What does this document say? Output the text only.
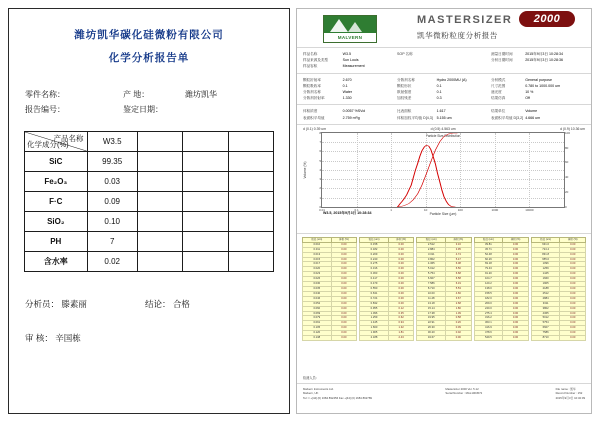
潍坊凯华碳化硅微粉有限公司
化学分析报告单
零件名称：	产 地：	潍坊凯华
报告编号：	鉴定日期：
产品名称
化学成分(%)	W3.5			
SiC	99.35			
Fe₂O₃	0.03			
F·C	0.09			
SiO₂	0.10			
PH	7			
含水率	0.02			
分析员： 滕素丽	结论： 合格
审 核： 辛国栋
MALVERN
MASTERSIZER	2000
凯华微粉粒度分析报告
样品名称	W3.5
样品来源及类型	Sun Louis
样品容积	Measurement
SOP 名称	测量日期时间	2015年9月3日 10:28:34
分析日期时间	2015年9月3日 10:28:36
颗粒折射率	2.670
颗粒吸收率	0.1
分散剂名称	Water
分散剂折射率	1.330
分散剂名称	Hydro 2000MU (A)
颗粒形状	0.1
散射强度	0.1
加权残差	0.3
分析模式	General purpose
尺寸范围	0.780 to 1000.000 um
遮光度	10 %
结果仿真	Off
体积浓度	0.0057 %SVol
表面积平均值	2.759 m²/g
比表面积	1.617
体积加权平均值 D[4,3]	5.155 um
结果单位	Volume
表面积平均值 D[3,2] 4.666 um
d (0.1) 0.39 um	d (0.5) 4.563 um	d (0.9) 10.36 um
Particle Size Distribution
0
1
2
3
4
5
6
7
8
0
20
40
60
80
100
0.01	0.1	1	10	100	1000	10000
Volume (%)
Particle Size (μm)
W3.5, 2015年9月3日 10:28:34
粒径 (um)	体积 (%)
0.010	0.00
0.011	0.00
0.013	0.00
0.015	0.00
0.017	0.00
0.020	0.00
0.023	0.00
0.026	0.00
0.030	0.00
0.035	0.00
0.040	0.00
0.046	0.00
0.052	0.00
0.060	0.00
0.069	0.00
0.079	0.00
0.091	0.00
0.105	0.00
0.120	0.00
0.138	0.00
粒径 (um)	体积 (%)
0.158	0.00
0.182	0.00
0.209	0.00
0.240	0.00
0.275	0.00
0.316	0.00
0.363	0.00
0.417	0.00
0.479	0.00
0.550	0.00
0.631	0.00
0.724	0.00
0.832	0.00
0.955	0.12
1.096	0.35
1.259	0.62
1.445	0.94
1.660	1.32
1.905	1.81
2.188	2.43
粒径 (um)	体积 (%)
2.512	3.16
2.884	3.95
3.311	4.74
3.802	5.47
4.365	6.08
5.012	6.50
5.754	6.68
6.607	6.58
7.586	6.19
8.710	5.53
10.00	4.66
11.48	3.67
13.18	2.68
15.14	1.80
17.38	1.09
19.95	0.58
22.91	0.26
26.30	0.09
30.20	0.02
34.67	0.00
粒径 (um)	体积 (%)
39.81	0.00
45.71	0.00
52.48	0.00
60.26	0.00
69.18	0.00
79.43	0.00
91.20	0.00
104.7	0.00
120.2	0.00
138.0	0.00
158.5	0.00
182.0	0.00
209.0	0.00
240.0	0.00
275.4	0.00
316.2	0.00
363.1	0.00
416.9	0.00
478.6	0.00
549.5	0.00
粒径 (um)	体积 (%)
631.0	0.00
724.4	0.00
831.8	0.00
955.0	0.00
1096	0.00
1259	0.00
1445	0.00
1660	0.00
1905	0.00
2188	0.00
2512	0.00
2884	0.00
3311	0.00
3802	0.00
4365	0.00
5012	0.00
5754	0.00
6607	0.00
7586	0.00
8710	0.00
检测人员：
Malvern Instruments Ltd.
Malvern, UK
Tel := +[44] (0) 1684 892456 Fax +[44] (0) 1684 892789
Mastersizer 2000 Ver. 5.12
Serial Number : MAL1004572
File name : 凯华
Record Number : 152
2015年9月3日 10:32:09
